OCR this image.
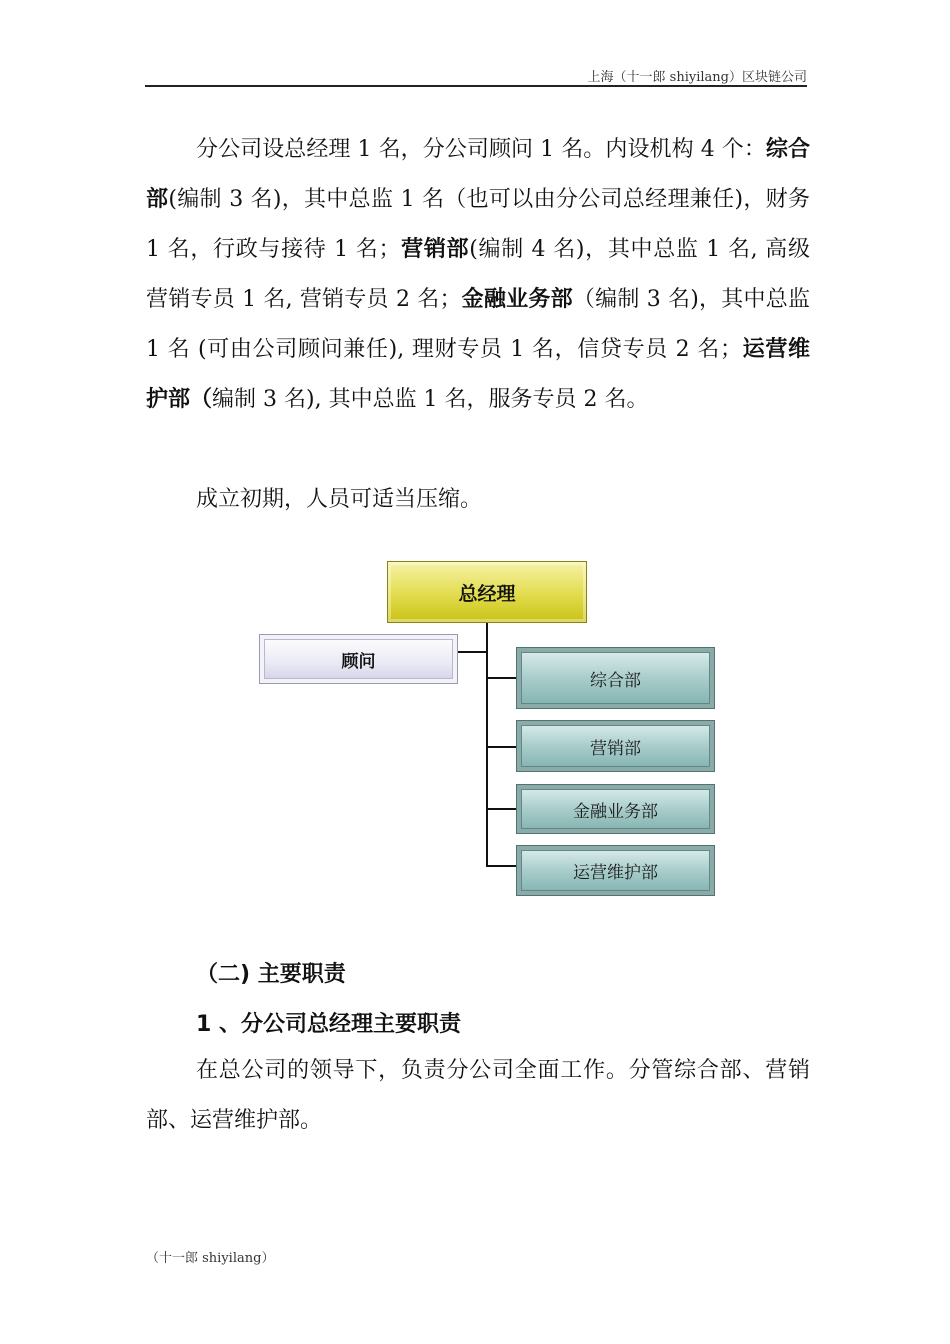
上海（十一郎 shiyilang）区块链公司

分公司设总经理 1 名，分公司顾问 1 名。内设机构 4 个：综合部(编制 3 名)，其中总监 1 名（也可以由分公司总经理兼任)，财务 1 名，行政与接待 1 名；营销部(编制 4 名)，其中总监 1 名, 高级营销专员 1 名, 营销专员 2 名；金融业务部（编制 3 名)，其中总监 1 名 (可由公司顾问兼任), 理财专员 1 名，信贷专员 2 名；运营维护部（编制 3 名), 其中总监 1 名，服务专员 2 名。

成立初期，人员可适当压缩。

总经理
顾问
综合部
营销部
金融业务部
运营维护部
（二) 主要职责
1 、分公司总经理主要职责

在总公司的领导下，负责分公司全面工作。分管综合部、营销部、运营维护部。

（十一郎 shiyilang）
